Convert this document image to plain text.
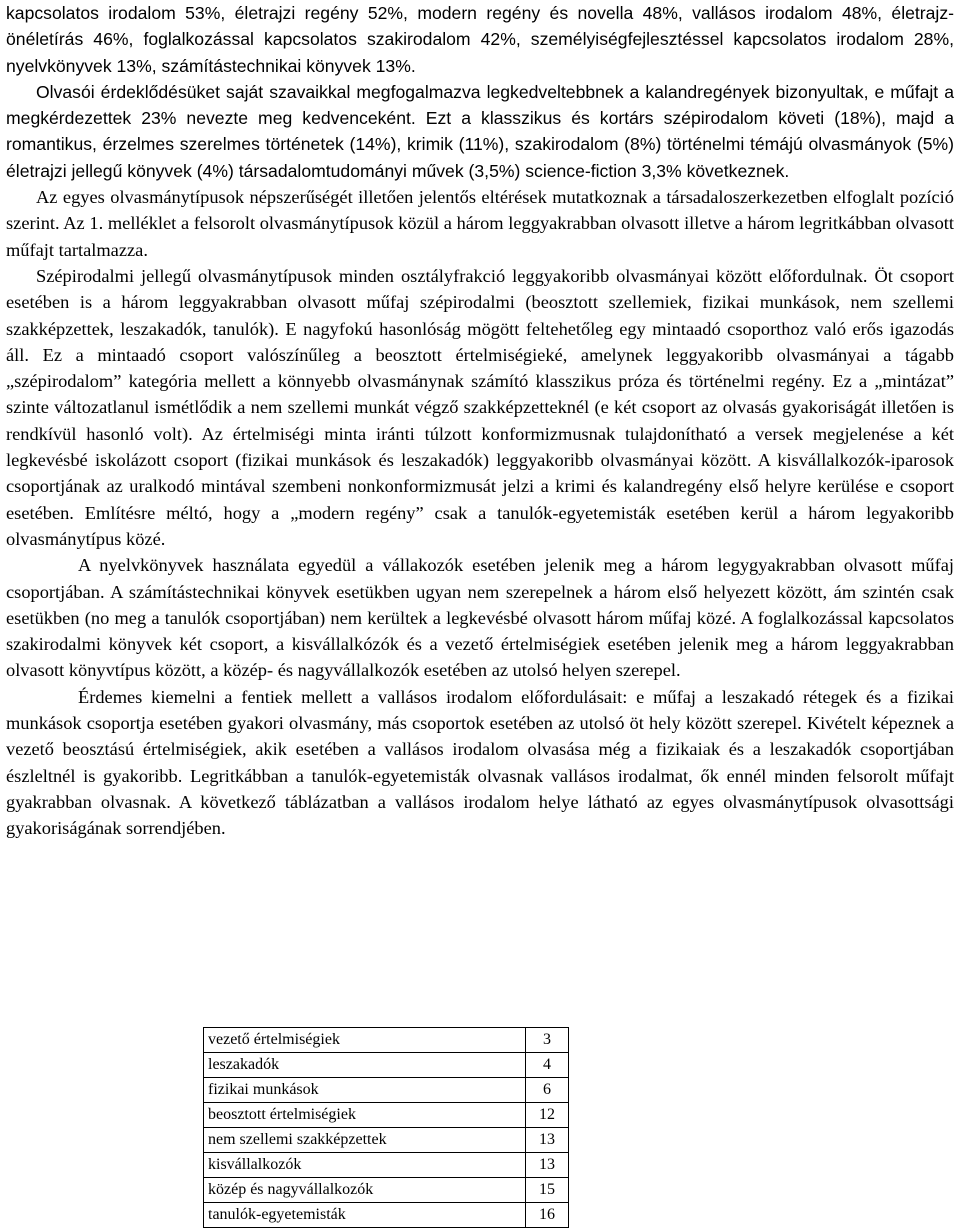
kapcsolatos irodalom 53%, életrajzi regény 52%, modern regény és novella 48%, vallásos irodalom 48%, életrajz-önéletírás 46%, foglalkozással kapcsolatos szakirodalom 42%, személyiségfejlesztéssel kapcsolatos irodalom 28%, nyelvkönyvek 13%, számítástechnikai könyvek 13%.

Olvasói érdeklődésüket saját szavaikkal megfogalmazva legkedveltebbnek a kalandregények bizonyultak, e műfajt a megkérdezettek 23% nevezte meg kedvenceként. Ezt a klasszikus és kortárs szépirodalom követi (18%), majd a romantikus, érzelmes szerelmes történetek (14%), krimik (11%), szakirodalom (8%) történelmi témájú olvasmányok (5%) életrajzi jellegű könyvek (4%) társadalomtudományi művek (3,5%) science-fiction 3,3% következnek.

Az egyes olvasmánytípusok népszerűségét illetően jelentős eltérések mutatkoznak a társadaloszerkezetben elfoglalt pozíció szerint. Az 1. melléklet a felsorolt olvasmánytípusok közül a három leggyakrabban olvasott illetve a három legritkábban olvasott műfajt tartalmazza.

Szépirodalmi jellegű olvasmánytípusok minden osztályfrakció leggyakoribb olvasmányai között előfordulnak. Öt csoport esetében is a három leggyakrabban olvasott műfaj szépirodalmi (beosztott szellemiek, fizikai munkások, nem szellemi szakképzettek, leszakadók, tanulók). E nagyfokú hasonlóság mögött feltehetőleg egy mintaadó csoporthoz való erős igazodás áll. Ez a mintaadó csoport valószínűleg a beosztott értelmiségieké, amelynek leggyakoribb olvasmányai a tágabb „szépirodalom” kategória mellett a könnyebb olvasmánynak számító klasszikus próza és történelmi regény. Ez a „mintázat” szinte változatlanul ismétlődik a nem szellemi munkát végző szakképzetteknél (e két csoport az olvasás gyakoriságát illetően is rendkívül hasonló volt). Az értelmiségi minta iránti túlzott konformizmusnak tulajdonítható a versek megjelenése a két legkevésbé iskolázott csoport (fizikai munkások és leszakadók) leggyakoribb olvasmányai között. A kisvállalkozók-iparosok csoportjának az uralkodó mintával szembeni nonkonformizmusát jelzi a krimi és kalandregény első helyre kerülése e csoport esetében. Említésre méltó, hogy a „modern regény” csak a tanulók-egyetemisták esetében kerül a három legyakoribb olvasmánytípus közé.

A nyelvkönyvek használata egyedül a vállakozók esetében jelenik meg a három legygyakrabban olvasott műfaj csoportjában. A számítástechnikai könyvek esetükben ugyan nem szerepelnek a három első helyezett között, ám szintén csak esetükben (no meg a tanulók csoportjában) nem kerültek a legkevésbé olvasott három műfaj közé. A foglalkozással kapcsolatos szakirodalmi könyvek két csoport, a kisvállalkózók és a vezető értelmiségiek esetében jelenik meg a három leggyakrabban olvasott könyvtípus között, a közép- és nagyvállalkozók esetében az utolsó helyen szerepel.

Érdemes kiemelni a fentiek mellett a vallásos irodalom előfordulásait: e műfaj a leszakadó rétegek és a fizikai munkások csoportja esetében gyakori olvasmány, más csoportok esetében az utolsó öt hely között szerepel. Kivételt képeznek a vezető beosztású értelmiségiek, akik esetében a vallásos irodalom olvasása még a fizikaiak és a leszakadók csoportjában észleltnél is gyakoribb. Legritkábban a tanulók-egyetemisták olvasnak vallásos irodalmat, ők ennél minden felsorolt műfajt gyakrabban olvasnak. A következő táblázatban a vallásos irodalom helye látható az egyes olvasmánytípusok olvasottsági gyakoriságának sorrendjében.

vezető értelmiségiek	3
leszakadók	4
fizikai munkások	6
beosztott értelmiségiek	12
nem szellemi szakképzettek	13
kisvállalkozók	13
közép és nagyvállalkozók	15
tanulók-egyetemisták	16
